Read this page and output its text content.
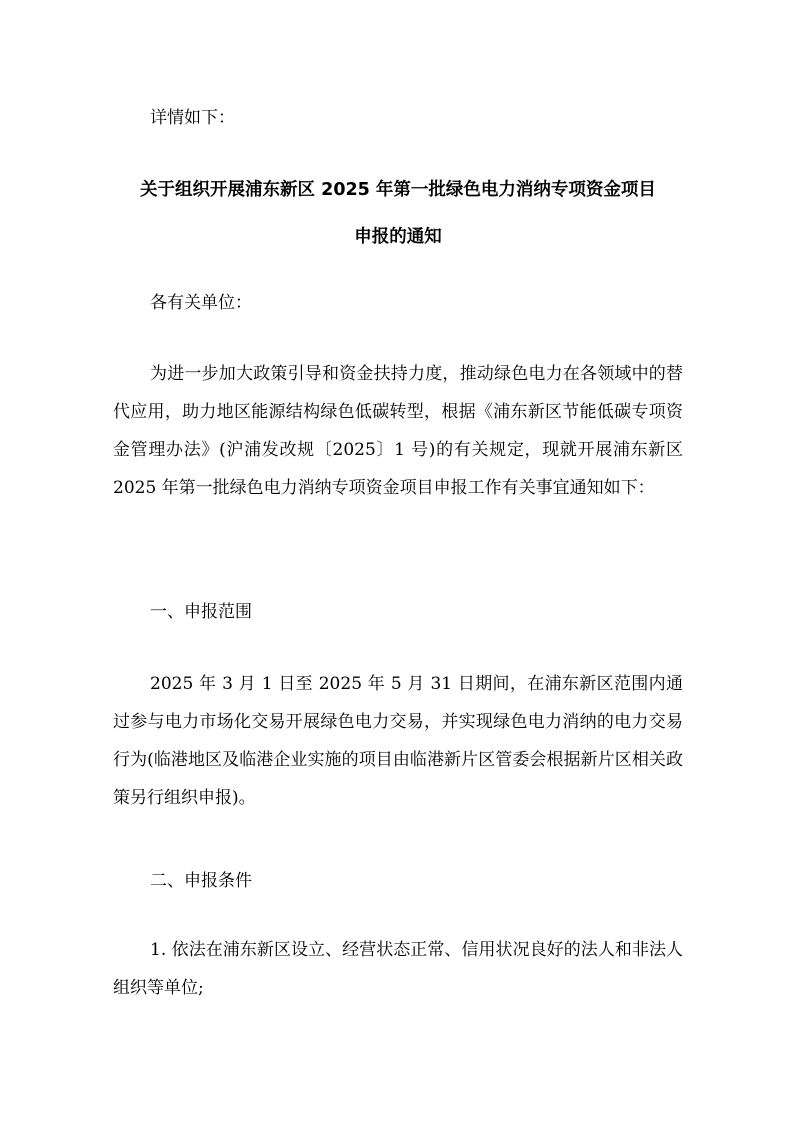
详情如下：

关于组织开展浦东新区 2025 年第一批绿色电力消纳专项资金项目
申报的通知

各有关单位：

为进一步加大政策引导和资金扶持力度，推动绿色电力在各领域中的替代应用，助力地区能源结构绿色低碳转型，根据《浦东新区节能低碳专项资金管理办法》(沪浦发改规〔2025〕1 号)的有关规定，现就开展浦东新区 2025 年第一批绿色电力消纳专项资金项目申报工作有关事宜通知如下：

一、申报范围

2025 年 3 月 1 日至 2025 年 5 月 31 日期间，在浦东新区范围内通过参与电力市场化交易开展绿色电力交易，并实现绿色电力消纳的电力交易行为(临港地区及临港企业实施的项目由临港新片区管委会根据新片区相关政策另行组织申报)。

二、申报条件

1. 依法在浦东新区设立、经营状态正常、信用状况良好的法人和非法人组织等单位;
